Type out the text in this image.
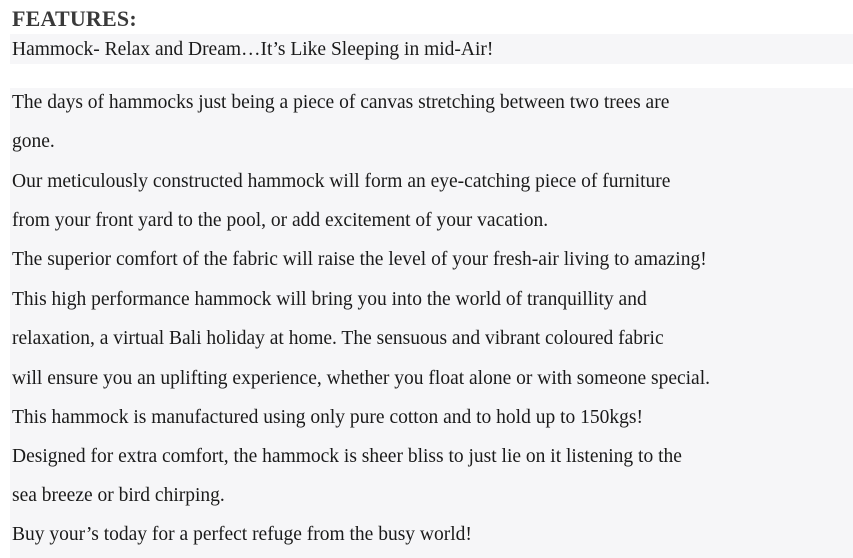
FEATURES:
Hammock- Relax and Dream…It’s Like Sleeping in mid-Air!
The days of hammocks just being a piece of canvas stretching between two trees are
gone.
Our meticulously constructed hammock will form an eye-catching piece of furniture
from your front yard to the pool, or add excitement of your vacation.
The superior comfort of the fabric will raise the level of your fresh-air living to amazing!
This high performance hammock will bring you into the world of tranquillity and
relaxation, a virtual Bali holiday at home. The sensuous and vibrant coloured fabric
will ensure you an uplifting experience, whether you float alone or with someone special.
This hammock is manufactured using only pure cotton and to hold up to 150kgs!
Designed for extra comfort, the hammock is sheer bliss to just lie on it listening to the
sea breeze or bird chirping.
Buy your’s today for a perfect refuge from the busy world!
